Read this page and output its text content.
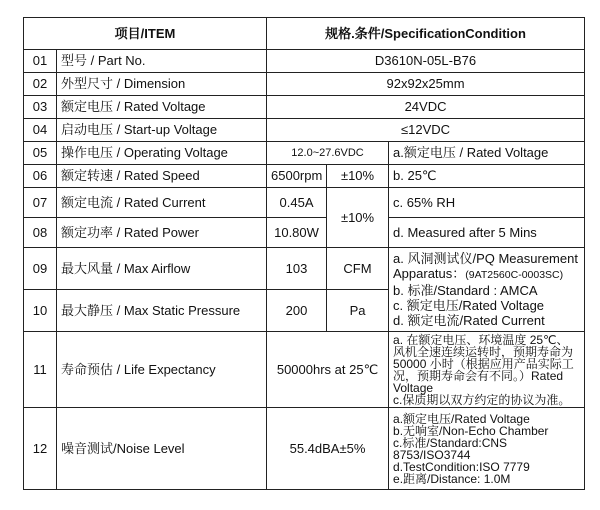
项目/ITEM		规格.条件/SpecificationCondition		
01	型号 / Part No.	D3610N-05L-B76		
02	外型尺寸 / Dimension	92x92x25mm		
03	额定电压 / Rated Voltage	24VDC		
04	启动电压 / Start-up Voltage	≤12VDC		
05	操作电压 / Operating Voltage	12.0~27.6VDC		a.额定电压 / Rated Voltage
06	额定转速 / Rated Speed	6500rpm	±10%	b. 25℃
07	额定电流 / Rated Current	0.45A	±10%	c. 65% RH
08	额定功率 / Rated Power	10.80W		d. Measured after 5 Mins
09	最大风量 / Max Airflow	103	CFM	a. 风洞测试仪/PQ Measurement
Apparatus：(9AT2560C-0003SC)
b. 标准/Standard : AMCA
c. 额定电压/Rated Voltage
d. 额定电流/Rated Current

10	最大静压 / Max Static Pressure	200	Pa	
11	寿命预估 / Life Expectancy	50000hrs at 25℃		a. 在额定电压、环境温度 25℃、风机全速连续运转时，预期寿命为 50000 小时（根据应用产品实际工况，预期寿命会有不同。）Rated Voltage
c.保质期以双方约定的协议为准。

12	噪音测试/Noise Level	55.4dBA±5%		a.额定电压/Rated Voltage
b.无响室/Non-Echo Chamber
c.标准/Standard:CNS 8753/ISO3744
d.TestCondition:ISO 7779
e.距离/Distance: 1.0M
